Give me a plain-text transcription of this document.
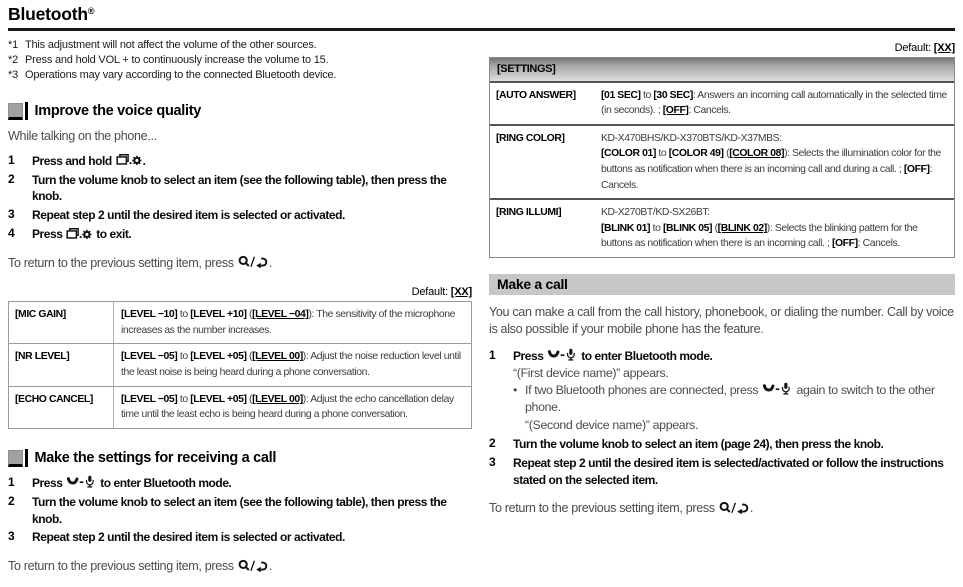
Bluetooth®
*1 This adjustment will not affect the volume of the other sources.
*2 Press and hold VOL + to continuously increase the volume to 15.
*3 Operations may vary according to the connected Bluetooth device.
Improve the voice quality

While talking on the phone...

1	Press and hold .
2	Turn the volume knob to select an item (see the following table), then press the knob.
3	Repeat step 2 until the desired item is selected or activated.
4	Press  to exit.

To return to the previous setting item, press	.

Default: [XX]
[MIC GAIN]	[LEVEL −10] to [LEVEL +10] ([LEVEL −04]): The sensitivity of the microphone increases as the number increases.
[NR LEVEL]	[LEVEL −05] to [LEVEL +05] ([LEVEL 00]): Adjust the noise reduction level until the least noise is being heard during a phone conversation.
[ECHO CANCEL]	[LEVEL −05] to [LEVEL +05] ([LEVEL 00]): Adjust the echo cancellation delay time until the least echo is being heard during a phone conversation.
Make the settings for receiving a call
1	Press	to enter Bluetooth mode.
2	Turn the volume knob to select an item (see the following table), then press the knob.
3	Repeat step 2 until the desired item is selected or activated.

To return to the previous setting item, press	.

Default: [XX]
[SETTINGS]
[AUTO ANSWER]	[01 SEC] to [30 SEC]: Answers an incoming call automatically in the selected time (in seconds). ; [OFF]: Cancels.
[RING COLOR]	KD-X470BHS/KD-X370BTS/KD-X37MBS:
[COLOR 01] to [COLOR 49] ([COLOR 08]): Selects the illumination color for the buttons as notification when there is an incoming call and during a call. ; [OFF]: Cancels.
[RING ILLUMI]	KD-X270BT/KD-SX26BT:
[BLINK 01] to [BLINK 05] ([BLINK 02]): Selects the blinking pattern for the buttons as notification when there is an incoming call. ; [OFF]: Cancels.
Make a call

You can make a call from the call history, phonebook, or dialing the number. Call by voice is also possible if your mobile phone has the feature.

1	Press	to enter Bluetooth mode.
“(First device name)” appears.
• If two Bluetooth phones are connected, press	again to switch to the other phone.
“(Second device name)” appears.
2	Turn the volume knob to select an item (page 24), then press the knob.
3	Repeat step 2 until the desired item is selected/activated or follow the instructions stated on the selected item.

To return to the previous setting item, press	.
